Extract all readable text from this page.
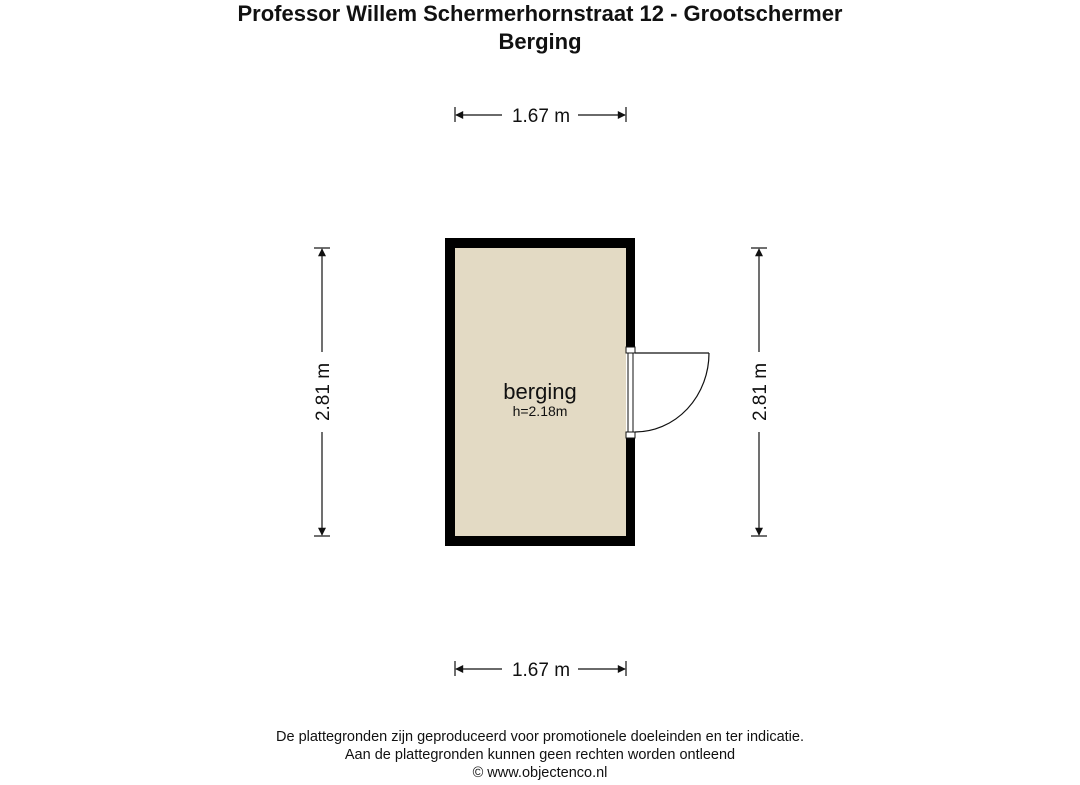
Professor Willem Schermerhornstraat 12 - Grootschermer
Berging
1.67 m
1.67 m
2.81 m	2.81 m
berging
h=2.18m
De plattegronden zijn geproduceerd voor promotionele doeleinden en ter indicatie.
Aan de plattegronden kunnen geen rechten worden ontleend
© www.objectenco.nl
